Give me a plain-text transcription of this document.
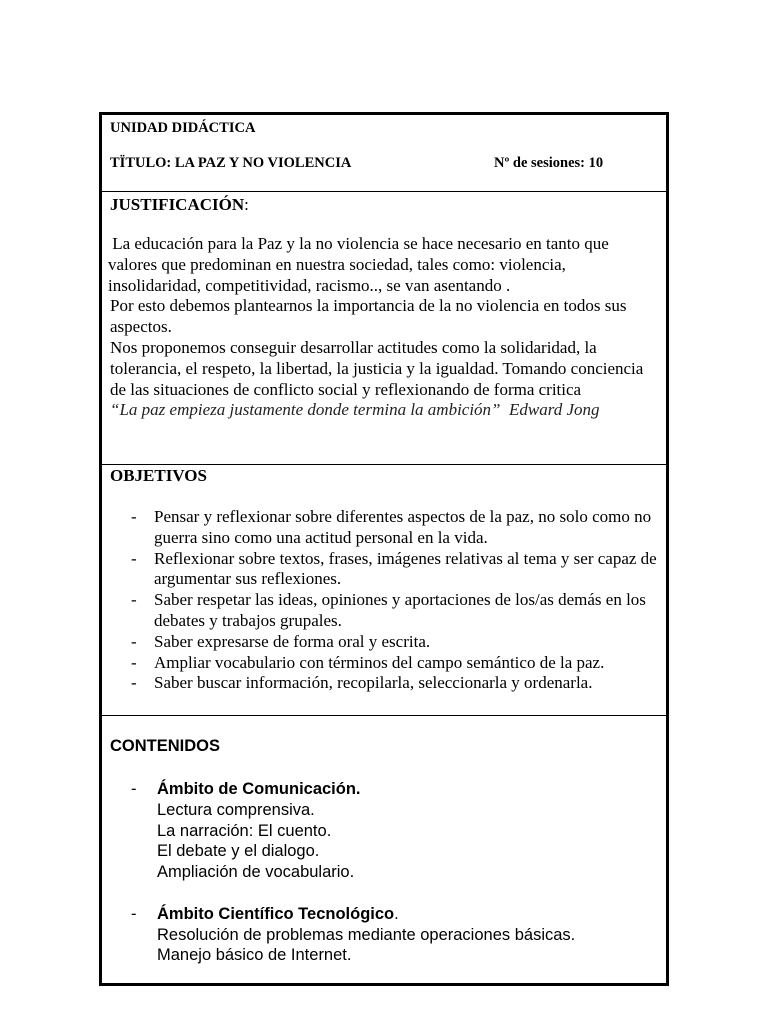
UNIDAD DIDÁCTICA
TÏTULO: LA PAZ Y NO VIOLENCIA	Nº de sesiones: 10
JUSTIFICACIÓN:

La educación para la Paz y la no violencia se hace necesario en tanto que valores que predominan en nuestra sociedad, tales como: violencia, insolidaridad, competitividad, racismo.., se van asentando .

Por esto debemos plantearnos la importancia de la no violencia en todos sus aspectos.

Nos proponemos conseguir desarrollar actitudes como la solidaridad, la tolerancia, el respeto, la libertad, la justicia y la igualdad. Tomando conciencia de las situaciones de conflicto social y reflexionando de forma critica

“La paz empieza justamente donde termina la ambición”  Edward Jong

OBJETIVOS
- Pensar y reflexionar sobre diferentes aspectos de la paz, no solo como no guerra sino como una actitud personal en la vida.
- Reflexionar sobre textos, frases, imágenes relativas al tema y ser capaz de argumentar sus reflexiones.
- Saber respetar las ideas, opiniones y aportaciones de los/as demás en los debates y trabajos grupales.
- Saber expresarse de forma oral y escrita.
- Ampliar vocabulario con términos del campo semántico de la paz.
- Saber buscar información, recopilarla, seleccionarla y ordenarla.
CONTENIDOS
- Ámbito de Comunicación.
Lectura comprensiva.
La narración: El cuento.
El debate y el dialogo.
Ampliación de vocabulario.
- Ámbito Científico Tecnológico.
Resolución de problemas mediante operaciones básicas.
Manejo básico de Internet.
